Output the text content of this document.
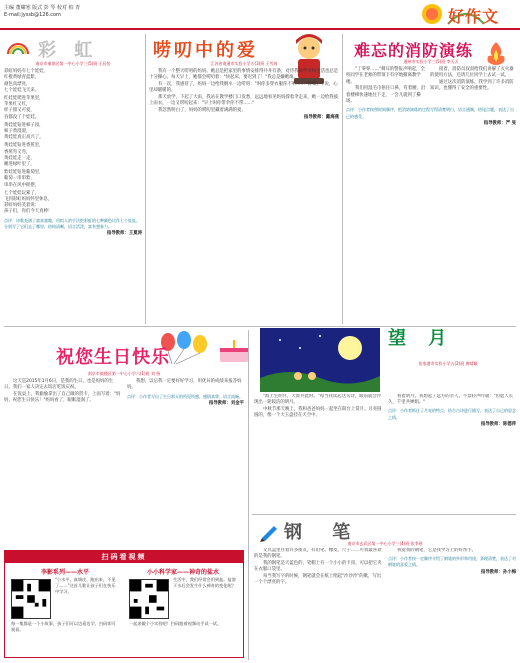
主编 董啸寒 版式 彭 琴 校对 柏 青
E-mail:jyssb@126.com	好作文
彩 虹
南京市秦淮区第一中心小学三(5)班 王辰怡
彩虹妈妈有七个娃娃，
红橙黄绿青蓝紫，
颜色真漂亮，
七个娃娃飞天来。
红娃娃爬进苹果里，
苹果红又红，
样子甜又可爱，
吞都没了个娃娃。
黄娃娃钻进柿子园，
柿子黄澄澄，
黄娃娃真正高兴了。
黄娃娃钻进香蕉里，
香蕉弯又弯，
黄娃娃走一走，
睡进绿叶里了，
紫娃娃钻进葡萄里，
葡萄一串串紫，
串串在风中摇摆，
七个娃娃玩累了，
飞到彩虹妈妈怀里休息，
彩虹妈妈笑着说：
孩子们，你们今天真棒！
点评：诗歌充满了童真童趣，用拟人的手法把彩虹的七种颜色比作七个娃娃，分别写了它们去了哪里，结构清晰，语言活泼，富有想象力。
指导教师：王夏涛
唠叨中的爱
江苏省南通市实验小学五(3)班 王雪冉

我有一个整天唠叨的妈妈。她总是把家里的事情安排得井井有条，对待我的学习和生活也总是十分操心。每天早上，她都会唠叨着："快起床，要迟到了！"我总是嫌她烦。

有一次，我感冒了，妈妈一边给我倒水一边唠叨："叫你多穿衣服你不听……"我嘴上不说，心里却暖暖的。

那天放学，下起了大雨，我站在教学楼门口发愁，远远地看见妈妈撑着伞走来，她一边给我披上雨衣，一边又唠叨起来："早上叫你带伞你不带……"

我忽然明白了，妈妈的唠叨里藏着满满的爱。

指导教师：戴海燕
难忘的消防演练
通州市实验小学三(5)班 李天天

"丁零零……"刺耳的警报声响起，全校同学在老师的带领下有序地撤离教学楼。

我们用湿毛巾捂住口鼻，弯着腰，沿着楼梯快速地往下走，一会儿就到了操场。

接着，消防员叔叔给我们讲解了灭火器的使用方法，还请几位同学上去试一试。

通过这次消防演练，我学到了许多消防知识，也懂得了安全的重要性。

点评：小作者按照时间顺序，把消防演练的过程写得清楚明白，语言通顺，结尾点题，表达了自己的感受。
指导教师：严 旻
祝您生日快乐
南京市鼓楼区第一中心小学六(1)班 刘 扬

这天是2015年1月6日，是我的生日，也是妈妈的生日。我们一家人决定去饭店吃饭庆祝。

在饭桌上，我偷偷拿出了自己做的贺卡，上面写着："妈妈，祝您生日快乐！"妈妈看了，眼眶湿润了。

我想，以后我一定要好好学习，用优异的成绩来报答妈妈。

点评：小作者写出了生日那天的所见所感，感情真挚，语言流畅。
指导教师：刘金平
望 月
张家港市实验小学五(2)班 黄晴颖

"海上生明月，天涯共此时。"每当我读起这句诗，眼前就会浮现出一轮皎洁的明月。

中秋节那天晚上，我和爸爸妈妈一起坐在阳台上赏月。月亮圆圆的，像一个大玉盘挂在天空中。

看着明月，我想起了远方的亲人，不禁轻声吟诵："但愿人长久，千里共婵娟。"

点评：小作者抓住了月亮的特点，结合古诗进行描写，表达了自己的思念之情。
指导教师：陈德萍
钢 笔
南京市玄武区第一中心小学三(4)班 张李瑶

文具盒里住着许多朋友，有铅笔、橡皮、尺子……可我最喜欢的是我的钢笔。

我的钢笔是天蓝色的，笔帽上有一个小小的卡扣，可以把它夹在衣服口袋里。

每当我写字的时候，钢笔就会在纸上唱起"沙沙沙"的歌，写出一个个漂亮的字。

我爱我的钢笔，它是我学习上的好帮手。

点评：小作者按一定顺序介绍了钢笔的外形和用途，条理清楚，表达了对钢笔的喜爱之情。
指导教师：孙小梅
扫码看视频
李影系列——水平
"小水平，真调皮，跑出来，不见了……"这首儿歌让孩子们在快乐中学习。
每一集都是一个小故事，孩子们可以边看边学，扫码即可观看。
小小科学家——神奇的盐水
生活中，我们经常会用到盐。盐溶于水后会发生什么神奇的变化呢？
一起来做个小实验吧！扫码跟着视频动手试一试。
